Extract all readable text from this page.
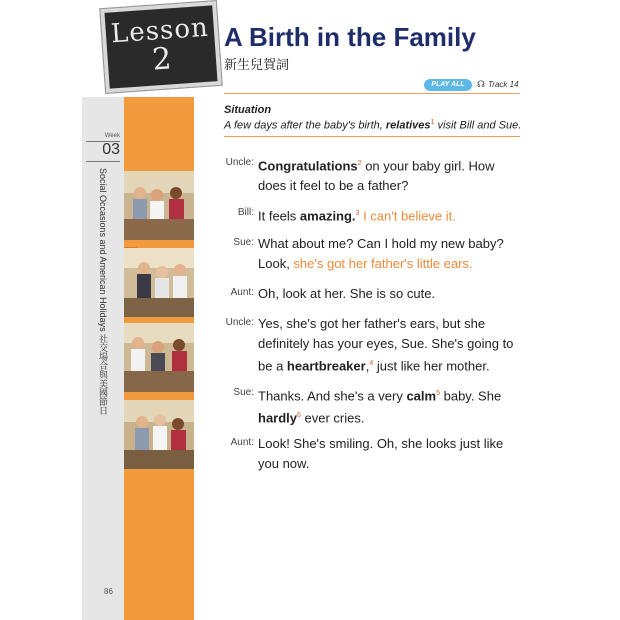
Week
03
Social Occasions and American Holidays 社交場合與美國節日
86
Lesson
2
A Birth in the Family
新生兒賀詞
PLAY ALL	☊ Track 14
Situation
A few days after the baby's birth, relatives$^1$ visit Bill and Sue.
Uncle: Congratulations$^2$ on your baby girl. How does it feel to be a father?
Bill: It feels amazing.$^3$ I can't believe it.
Sue: What about me? Can I hold my new baby? Look, she's got her father's little ears.
Aunt: Oh, look at her. She is so cute.
Uncle: Yes, she's got her father's ears, but she definitely has your eyes, Sue. She's going to be a heartbreaker,$^4$ just like her mother.
Sue: Thanks. And she's a very calm$^5$ baby. She hardly$^6$ ever cries.
Aunt: Look! She's smiling. Oh, she looks just like you now.
